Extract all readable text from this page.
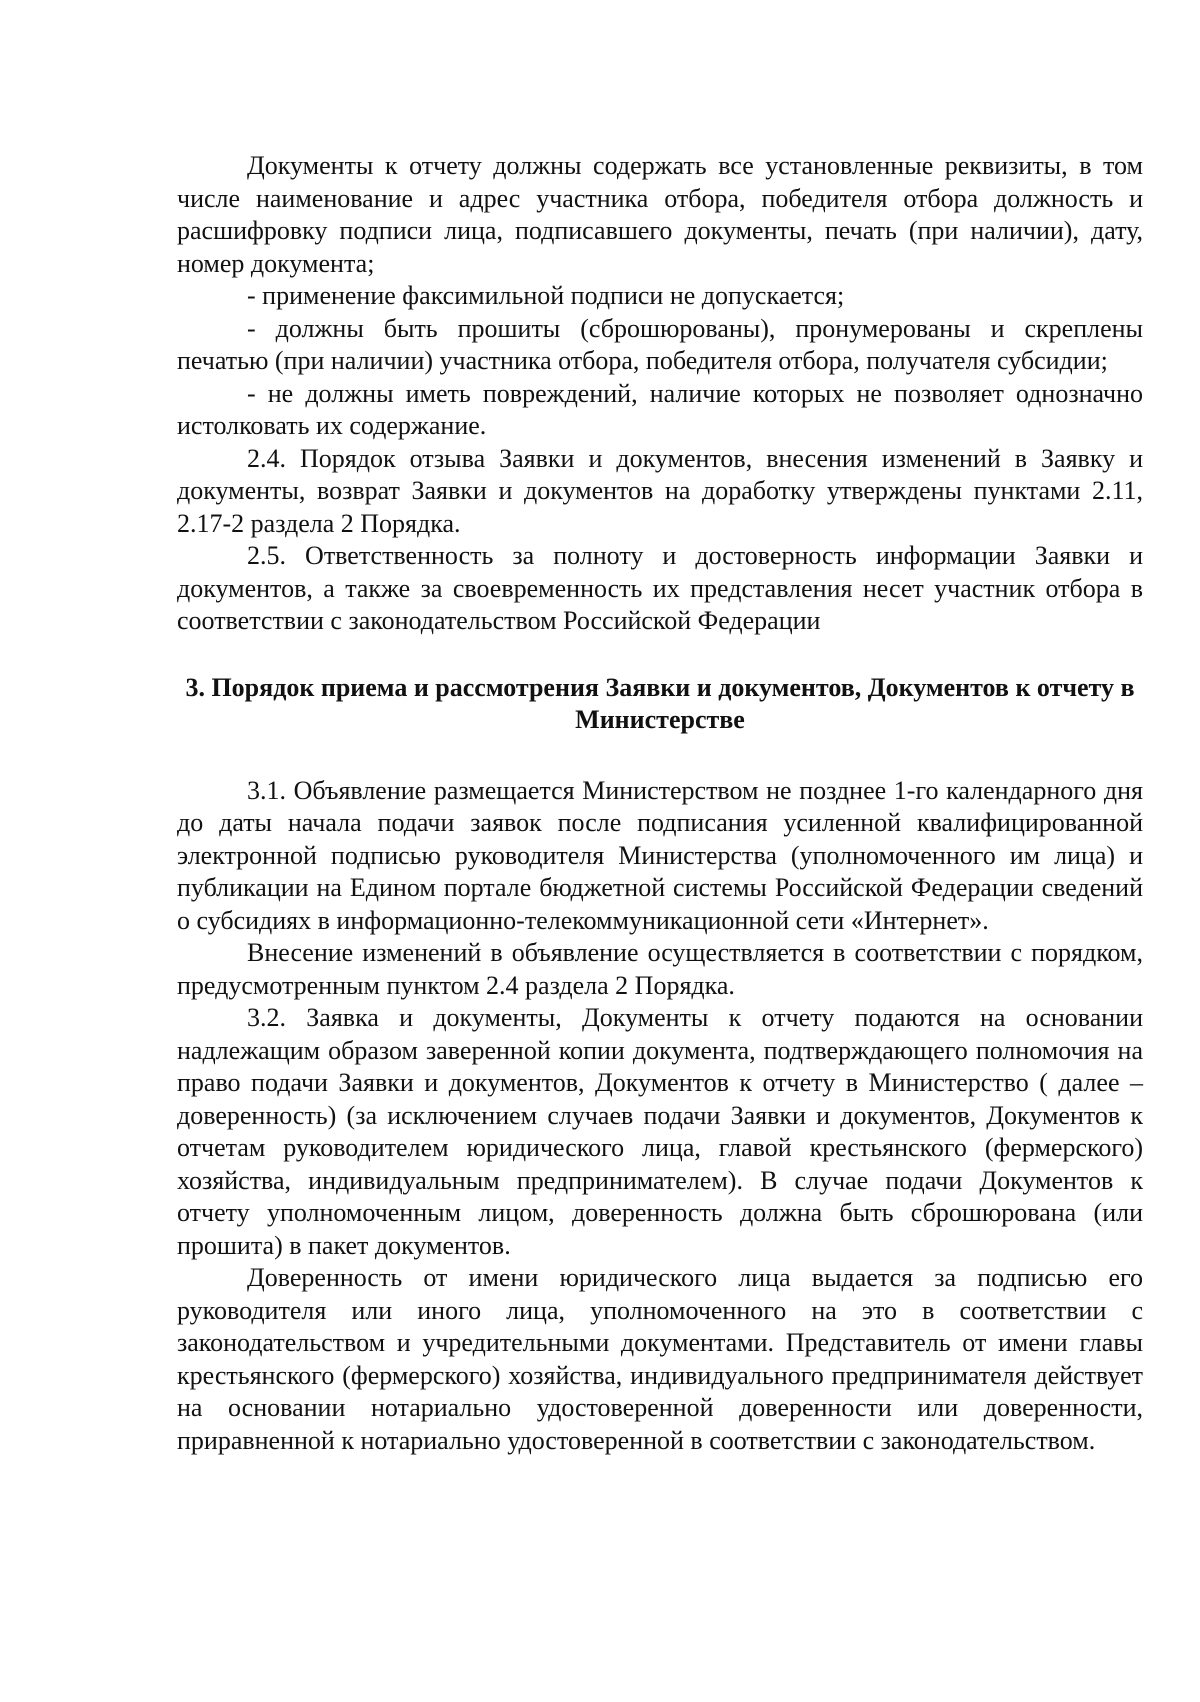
Документы к отчету должны содержать все установленные реквизиты, в том числе наименование и адрес участника отбора, победителя отбора должность и расшифровку подписи лица, подписавшего документы, печать (при наличии), дату, номер документа;

- применение факсимильной подписи не допускается;

- должны быть прошиты (сброшюрованы), пронумерованы и скреплены печатью (при наличии) участника отбора, победителя отбора, получателя субсидии;

- не должны иметь повреждений, наличие которых не позволяет однозначно истолковать их содержание.

2.4. Порядок отзыва Заявки и документов, внесения изменений в Заявку и документы, возврат Заявки и документов на доработку утверждены пунктами 2.11, 2.17-2 раздела 2 Порядка.

2.5. Ответственность за полноту и достоверность информации Заявки и документов, а также за своевременность их представления несет участник отбора в соответствии с законодательством Российской Федерации

3. Порядок приема и рассмотрения Заявки и документов, Документов к отчету в Министерстве

3.1. Объявление размещается Министерством не позднее 1-го календарного дня до даты начала подачи заявок после подписания усиленной квалифицированной электронной подписью руководителя Министерства (уполномоченного им лица) и публикации на Едином портале бюджетной системы Российской Федерации сведений о субсидиях в информационно-телекоммуникационной сети «Интернет».

Внесение изменений в объявление осуществляется в соответствии с порядком, предусмотренным пунктом 2.4 раздела 2 Порядка.

3.2. Заявка и документы, Документы к отчету подаются на основании надлежащим образом заверенной копии документа, подтверждающего полномочия на право подачи Заявки и документов, Документов к отчету в Министерство ( далее – доверенность) (за исключением случаев подачи Заявки и документов, Документов к отчетам руководителем юридического лица, главой крестьянского (фермерского) хозяйства, индивидуальным предпринимателем). В случае подачи Документов к отчету уполномоченным лицом, доверенность должна быть сброшюрована (или прошита) в пакет документов.

Доверенность от имени юридического лица выдается за подписью его руководителя или иного лица, уполномоченного на это в соответствии с законодательством и учредительными документами. Представитель от имени главы крестьянского (фермерского) хозяйства, индивидуального предпринимателя действует на основании нотариально удостоверенной доверенности или доверенности, приравненной к нотариально удостоверенной в соответствии с законодательством.
